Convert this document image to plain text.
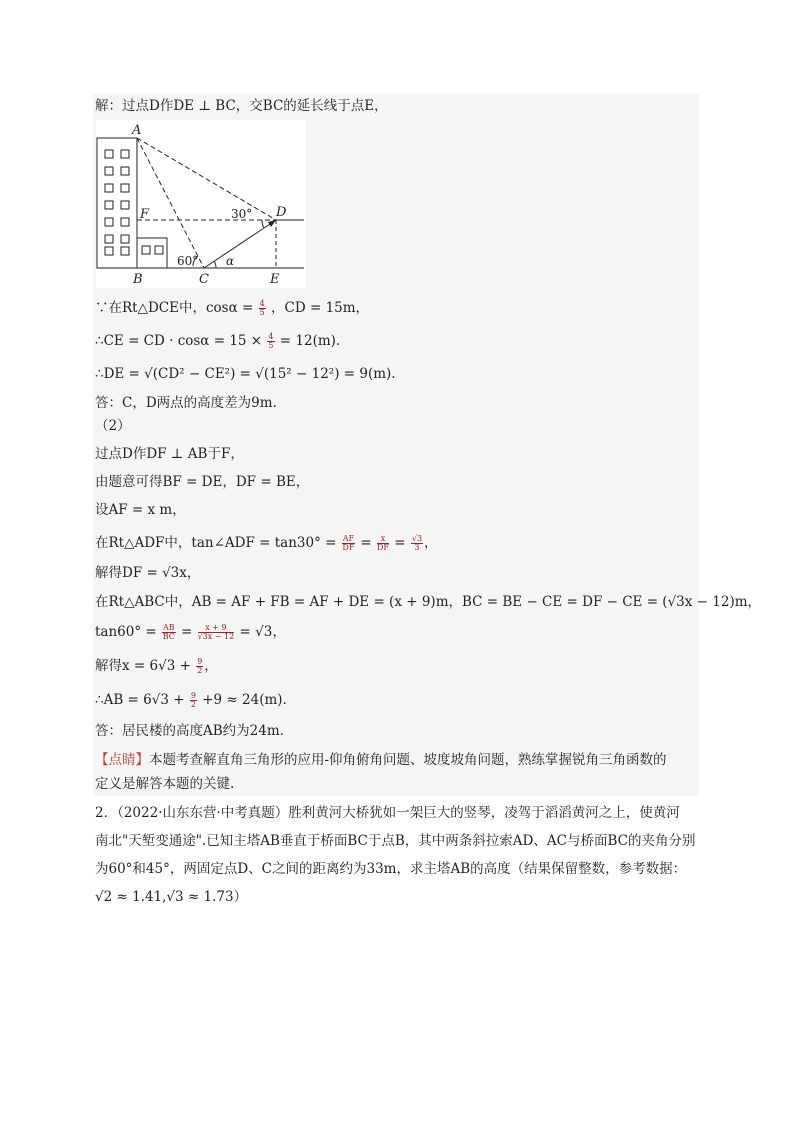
解：过点D作DE ⊥ BC，交BC的延长线于点E，
A
B	C
D
E
F
α
30°
60°
∵在Rt△DCE中，$\cos\alpha = \frac{4}{5}$ ，CD = 15m，
∴CE = CD · $\cos\alpha = 15 \times \frac{4}{5} = 12(m)$.
∴DE = √(CD² − CE²) = √(15² − 12²) = 9(m).
答：C，D两点的高度差为9m.
（2）
过点D作DF ⊥ AB于F，
由题意可得BF = DE，DF = BE，
设AF = x m，
在Rt△ADF中，tan∠ADF = $\tan 30^\circ = \frac{AF}{DF} = \frac{x}{DF} = \frac{√3}{3}$ ，
解得DF = √3x，
在Rt△ABC中，AB = AF + FB = AF + DE = (x + 9)m，BC = BE − CE = DF − CE = (√3x − 12)m，
$\tan 60^\circ = \frac{AB}{BC} = \frac{x + 9}{√3x - 12} = √3$，
解得$x = 6√3 + \frac{9}{2}$ ，
∴AB = $6√3 + \frac{9}{2} +9 \approx 24(m)$.
答：居民楼的高度AB约为24m.
【点睛】本题考查解直角三角形的应用-仰角俯角问题、坡度坡角问题，熟练掌握锐角三角函数的
定义是解答本题的关键.
2．（2022·山东东营·中考真题）胜利黄河大桥犹如一架巨大的竖琴，凌驾于滔滔黄河之上，使黄河
南北"天堑变通途".已知主塔AB垂直于桥面BC于点B，其中两条斜拉索AD、AC与桥面BC的夹角分别
为60°和45°，两固定点D、C之间的距离约为33m，求主塔AB的高度（结果保留整数，参考数据：
√2 ≈ 1.41,√3 ≈ 1.73）
